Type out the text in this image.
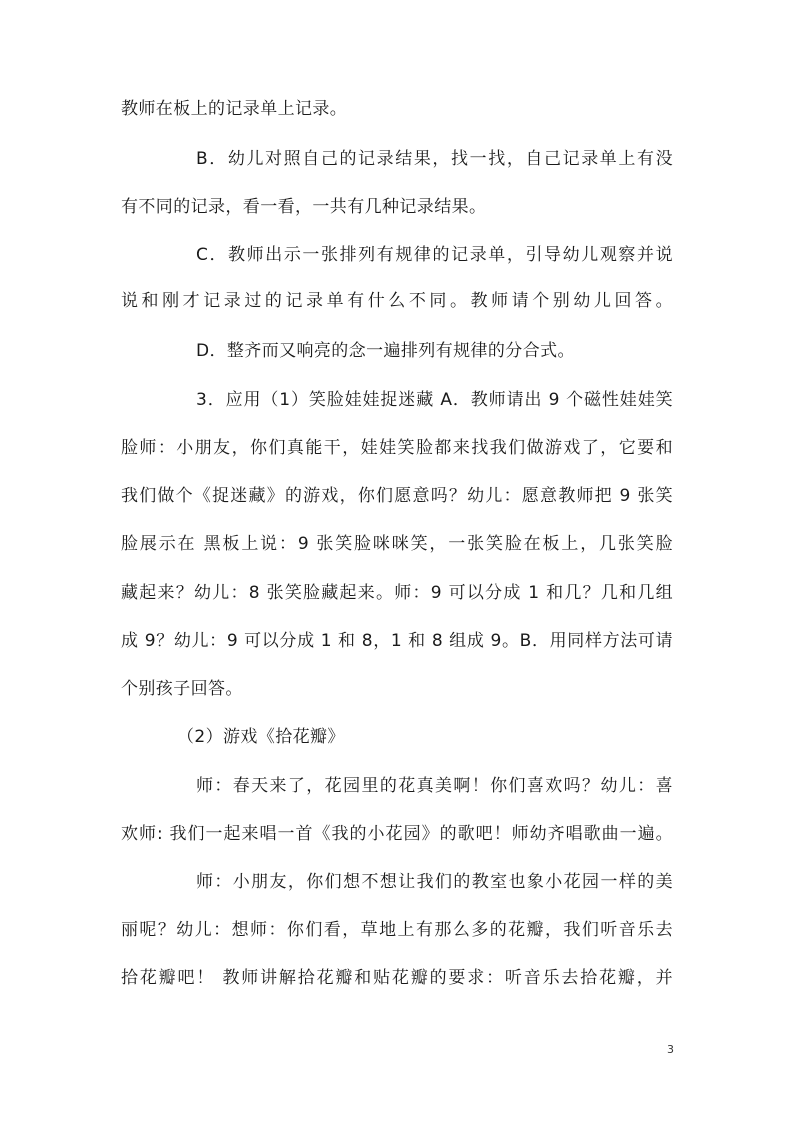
教师在板上的记录单上记录。
B．幼儿对照自己的记录结果，找一找，自己记录单上有没
有不同的记录，看一看，一共有几种记录结果。
C．教师出示一张排列有规律的记录单，引导幼儿观察并说
说和刚才记录过的记录单有什么不同。教师请个别幼儿回答。
D．整齐而又响亮的念一遍排列有规律的分合式。
3．应用（1）笑脸娃娃捉迷藏 A．教师请出 9 个磁性娃娃笑
脸师：小朋友，你们真能干，娃娃笑脸都来找我们做游戏了，它要和
我们做个《捉迷藏》的游戏，你们愿意吗？幼儿：愿意教师把 9 张笑
脸展示在 黑板上说：9 张笑脸咪咪笑，一张笑脸在板上，几张笑脸
藏起来？幼儿：8 张笑脸藏起来。师：9 可以分成 1 和几？几和几组
成 9？幼儿：9 可以分成 1 和 8，1 和 8 组成 9。B．用同样方法可请
个别孩子回答。
（2）游戏《拾花瓣》
师：春天来了，花园里的花真美啊！你们喜欢吗？幼儿：喜
欢师: 我们一起来唱一首《我的小花园》的歌吧！师幼齐唱歌曲一遍。
师：小朋友，你们想不想让我们的教室也象小花园一样的美
丽呢？幼儿：想师：你们看，草地上有那么多的花瓣，我们听音乐去
拾花瓣吧！ 教师讲解拾花瓣和贴花瓣的要求：听音乐去拾花瓣，并
3
